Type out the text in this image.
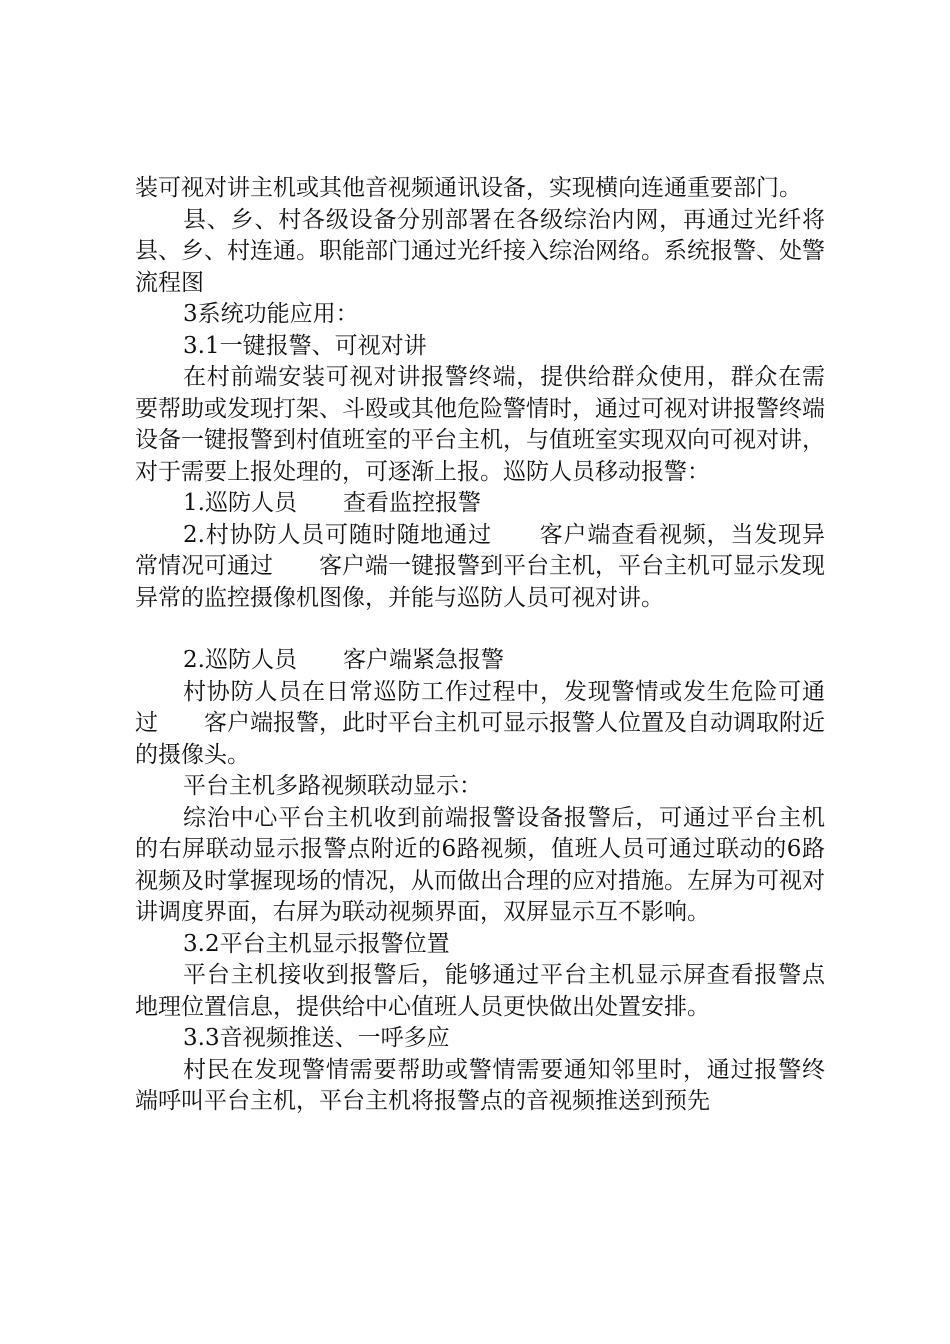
装可视对讲主机或其他音视频通讯设备，实现横向连通重要部门。

县、乡、村各级设备分别部署在各级综治内网，再通过光纤将县、乡、村连通。职能部门通过光纤接入综治网络。系统报警、处警流程图

3系统功能应用：

3.1一键报警、可视对讲

在村前端安装可视对讲报警终端，提供给群众使用，群众在需要帮助或发现打架、斗殴或其他危险警情时，通过可视对讲报警终端设备一键报警到村值班室的平台主机，与值班室实现双向可视对讲，对于需要上报处理的，可逐渐上报。巡防人员移动报警：

1.巡防人员　　查看监控报警

2.村协防人员可随时随地通过　　客户端查看视频，当发现异常情况可通过　　客户端一键报警到平台主机，平台主机可显示发现异常的监控摄像机图像，并能与巡防人员可视对讲。

2.巡防人员　　客户端紧急报警

村协防人员在日常巡防工作过程中，发现警情或发生危险可通过　　客户端报警，此时平台主机可显示报警人位置及自动调取附近的摄像头。

平台主机多路视频联动显示：

综治中心平台主机收到前端报警设备报警后，可通过平台主机的右屏联动显示报警点附近的6路视频，值班人员可通过联动的6路视频及时掌握现场的情况，从而做出合理的应对措施。左屏为可视对讲调度界面，右屏为联动视频界面，双屏显示互不影响。

3.2平台主机显示报警位置

平台主机接收到报警后，能够通过平台主机显示屏查看报警点地理位置信息，提供给中心值班人员更快做出处置安排。

3.3音视频推送、一呼多应

村民在发现警情需要帮助或警情需要通知邻里时，通过报警终端呼叫平台主机，平台主机将报警点的音视频推送到预先
